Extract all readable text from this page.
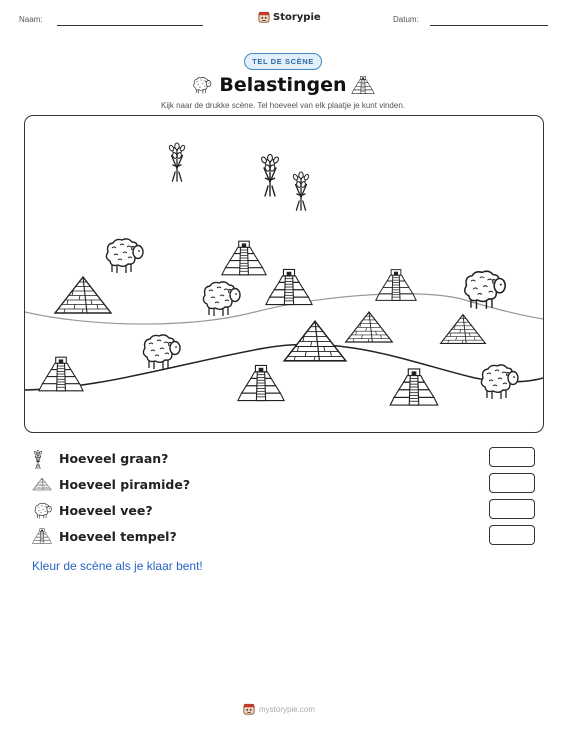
Naam:	Storypie	Datum:
TEL DE SCÈNE
Belastingen
Kijk naar de drukke scène. Tel hoeveel van elk plaatje je kunt vinden.
Hoeveel graan?
Hoeveel piramide?
Hoeveel vee?
Hoeveel tempel?
Kleur de scène als je klaar bent!
mystorypie.com
